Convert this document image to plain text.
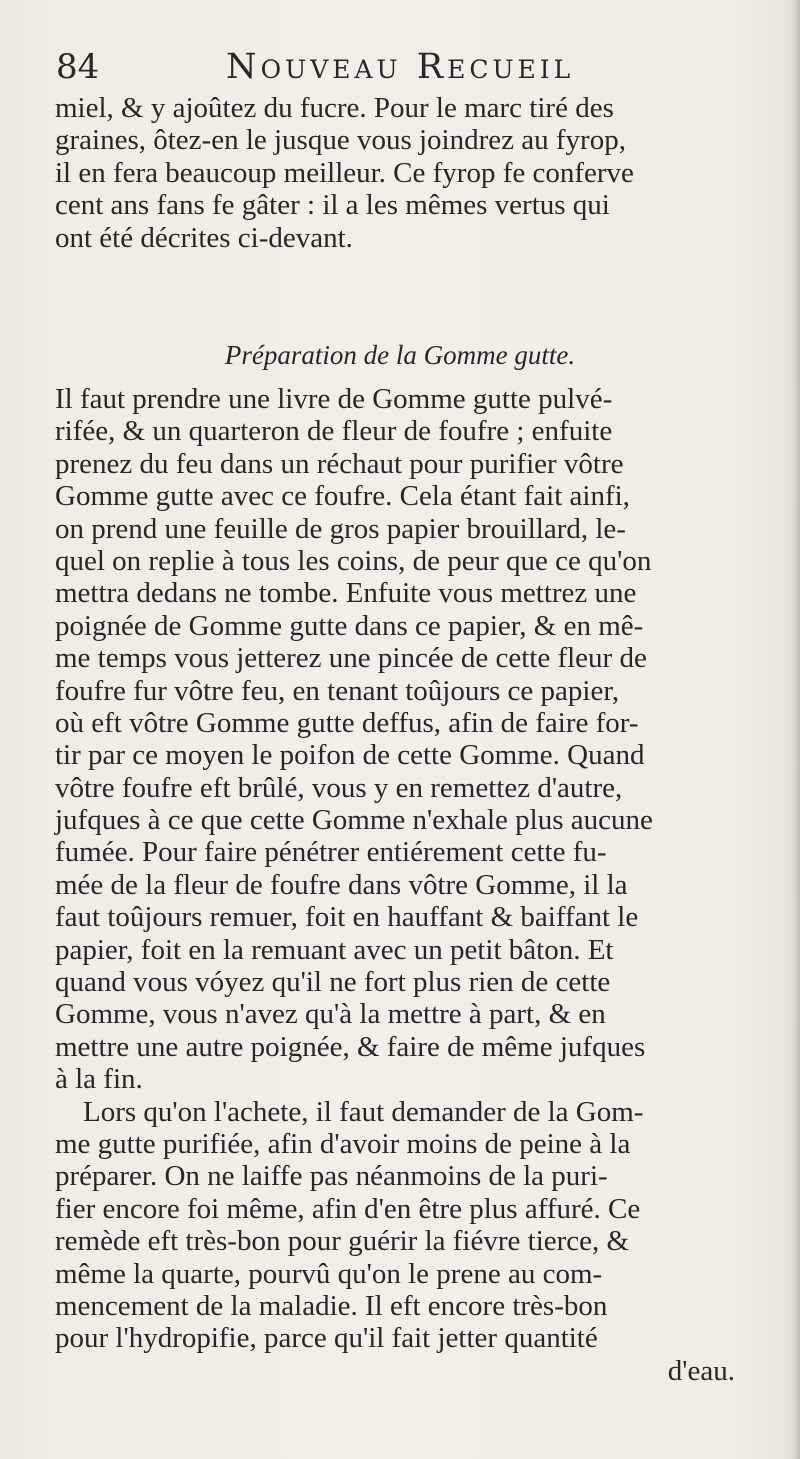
84	Nouveau Recueil
miel, & y ajoûtez du fucre. Pour le marc tiré des
graines, ôtez-en le jusque vous joindrez au fyrop,
il en fera beaucoup meilleur. Ce fyrop fe conferve
cent ans fans fe gâter : il a les mêmes vertus qui
ont été décrites ci-devant.
Préparation de la Gomme gutte.
Il faut prendre une livre de Gomme gutte pulvé-
rifée, & un quarteron de fleur de foufre ; enfuite
prenez du feu dans un réchaut pour purifier vôtre
Gomme gutte avec ce foufre. Cela étant fait ainfi,
on prend une feuille de gros papier brouillard, le-
quel on replie à tous les coins, de peur que ce qu'on
mettra dedans ne tombe. Enfuite vous mettrez une
poignée de Gomme gutte dans ce papier, & en mê-
me temps vous jetterez une pincée de cette fleur de
foufre fur vôtre feu, en tenant toûjours ce papier,
où eft vôtre Gomme gutte deffus, afin de faire for-
tir par ce moyen le poifon de cette Gomme. Quand
vôtre foufre eft brûlé, vous y en remettez d'autre,
jufques à ce que cette Gomme n'exhale plus aucune
fumée. Pour faire pénétrer entiérement cette fu-
mée de la fleur de foufre dans vôtre Gomme, il la
faut toûjours remuer, foit en hauffant & baiffant le
papier, foit en la remuant avec un petit bâton. Et
quand vous vóyez qu'il ne fort plus rien de cette
Gomme, vous n'avez qu'à la mettre à part, & en
mettre une autre poignée, & faire de même jufques
à la fin.
Lors qu'on l'achete, il faut demander de la Gom-
me gutte purifiée, afin d'avoir moins de peine à la
préparer. On ne laiffe pas néanmoins de la puri-
fier encore foi même, afin d'en être plus affuré. Ce
remède eft très-bon pour guérir la fiévre tierce, &
même la quarte, pourvû qu'on le prene au com-
mencement de la maladie. Il eft encore très-bon
pour l'hydropifie, parce qu'il fait jetter quantité
d'eau.
